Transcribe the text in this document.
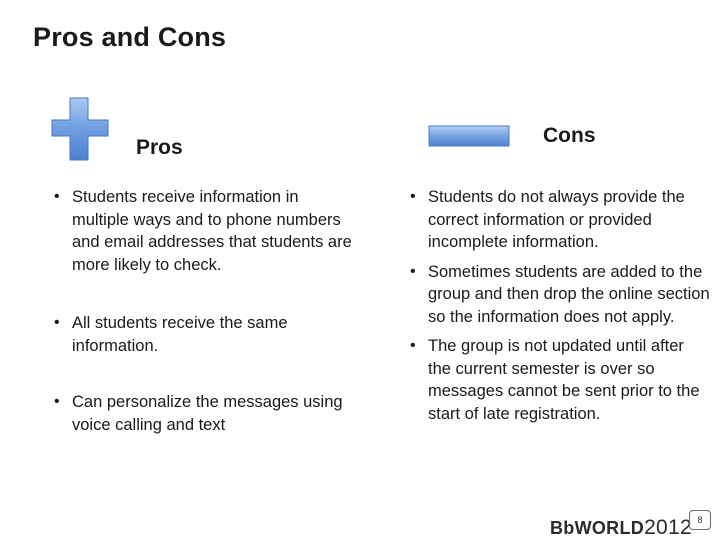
Pros and Cons
Pros
Cons
• Students receive information in multiple ways and to phone numbers and email addresses that students are more likely to check.
• All students receive the same information.
• Can personalize the messages using voice calling and text
• Students do not always provide the correct information or provided incomplete information.
• Sometimes students are added to the group and then drop the online section so the information does not apply.
• The group is not updated until after the current semester is over so messages cannot be sent prior to the start of late registration.
BbWORLD2012 8
